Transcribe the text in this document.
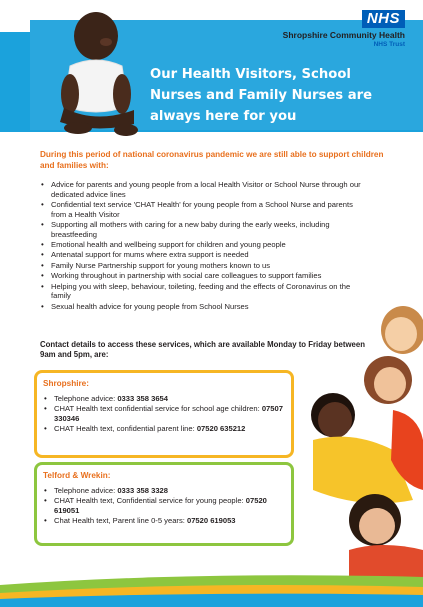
NHS
Shropshire Community Health
NHS Trust
Our Health Visitors, School Nurses and Family Nurses are always here for you
During this period of national coronavirus pandemic we are still able to support children and families with:
• Advice for parents and young people from a local Health Visitor or School Nurse through our dedicated advice lines
• Confidential text service 'CHAT Health' for young people from a School Nurse and parents from a Health Visitor
• Supporting all mothers with caring for a new baby during the early weeks, including breastfeeding
• Emotional health and wellbeing support for children and young people
• Antenatal support for mums where extra support is needed
• Family Nurse Partnership support for young mothers known to us
• Working throughout in partnership with social care colleagues to support families
• Helping you with sleep, behaviour, toileting, feeding and the effects of Coronavirus on the family
• Sexual health advice for young people from School Nurses
Contact details to access these services, which are available Monday to Friday between 9am and 5pm, are:
Shropshire:
• Telephone advice: 0333 358 3654
• CHAT Health text confidential service for school age children: 07507 330346
• CHAT Health text, confidential parent line: 07520 635212
Telford & Wrekin:
• Telephone advice: 0333 358 3328
• CHAT Health text, Confidential service for young people: 07520 619051
• Chat Health text, Parent line 0-5 years: 07520 619053
